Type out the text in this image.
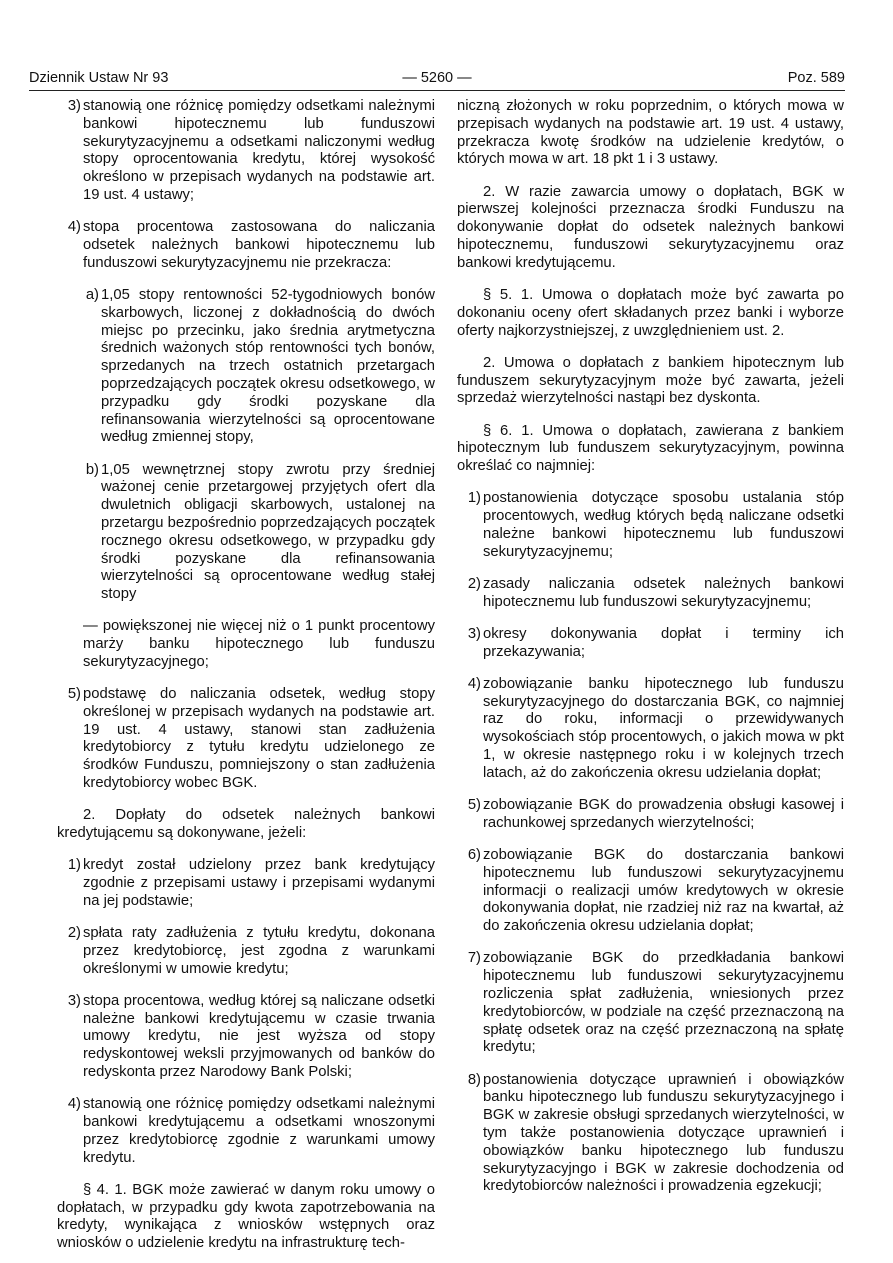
Dziennik Ustaw Nr 93	— 5260 —	Poz. 589

3) stanowią one różnicę pomiędzy odsetkami należnymi bankowi hipotecznemu lub funduszowi sekurytyzacyjnemu a odsetkami naliczonymi według stopy oprocentowania kredytu, której wysokość określono w przepisach wydanych na podstawie art. 19 ust. 4 ustawy;

4) stopa procentowa zastosowana do naliczania odsetek należnych bankowi hipotecznemu lub funduszowi sekurytyzacyjnemu nie przekracza:

a) 1,05 stopy rentowności 52-tygodniowych bonów skarbowych, liczonej z dokładnością do dwóch miejsc po przecinku, jako średnia arytmetyczna średnich ważonych stóp rentowności tych bonów, sprzedanych na trzech ostatnich przetargach poprzedzających początek okresu odsetkowego, w przypadku gdy środki pozyskane dla refinansowania wierzytelności są oprocentowane według zmiennej stopy,

b) 1,05 wewnętrznej stopy zwrotu przy średniej ważonej cenie przetargowej przyjętych ofert dla dwuletnich obligacji skarbowych, ustalonej na przetargu bezpośrednio poprzedzających początek rocznego okresu odsetkowego, w przypadku gdy środki pozyskane dla refinansowania wierzytelności są oprocentowane według stałej stopy

— powiększonej nie więcej niż o 1 punkt procentowy marży banku hipotecznego lub funduszu sekurytyzacyjnego;

5) podstawę do naliczania odsetek, według stopy określonej w przepisach wydanych na podstawie art. 19 ust. 4 ustawy, stanowi stan zadłużenia kredytobiorcy z tytułu kredytu udzielonego ze środków Funduszu, pomniejszony o stan zadłużenia kredytobiorcy wobec BGK.

2. Dopłaty do odsetek należnych bankowi kredytującemu są dokonywane, jeżeli:

1) kredyt został udzielony przez bank kredytujący zgodnie z przepisami ustawy i przepisami wydanymi na jej podstawie;

2) spłata raty zadłużenia z tytułu kredytu, dokonana przez kredytobiorcę, jest zgodna z warunkami określonymi w umowie kredytu;

3) stopa procentowa, według której są naliczane odsetki należne bankowi kredytującemu w czasie trwania umowy kredytu, nie jest wyższa od stopy redyskontowej weksli przyjmowanych od banków do redyskonta przez Narodowy Bank Polski;

4) stanowią one różnicę pomiędzy odsetkami należnymi bankowi kredytującemu a odsetkami wnoszonymi przez kredytobiorcę zgodnie z warunkami umowy kredytu.

§ 4. 1. BGK może zawierać w danym roku umowy o dopłatach, w przypadku gdy kwota zapotrzebowania na kredyty, wynikająca z wniosków wstępnych oraz wniosków o udzielenie kredytu na infrastrukturę tech-

niczną złożonych w roku poprzednim, o których mowa w przepisach wydanych na podstawie art. 19 ust. 4 ustawy, przekracza kwotę środków na udzielenie kredytów, o których mowa w art. 18 pkt 1 i 3 ustawy.

2. W razie zawarcia umowy o dopłatach, BGK w pierwszej kolejności przeznacza środki Funduszu na dokonywanie dopłat do odsetek należnych bankowi hipotecznemu, funduszowi sekurytyzacyjnemu oraz bankowi kredytującemu.

§ 5. 1. Umowa o dopłatach może być zawarta po dokonaniu oceny ofert składanych przez banki i wyborze oferty najkorzystniejszej, z uwzględnieniem ust. 2.

2. Umowa o dopłatach z bankiem hipotecznym lub funduszem sekurytyzacyjnym może być zawarta, jeżeli sprzedaż wierzytelności nastąpi bez dyskonta.

§ 6. 1. Umowa o dopłatach, zawierana z bankiem hipotecznym lub funduszem sekurytyzacyjnym, powinna określać co najmniej:

1) postanowienia dotyczące sposobu ustalania stóp procentowych, według których będą naliczane odsetki należne bankowi hipotecznemu lub funduszowi sekurytyzacyjnemu;

2) zasady naliczania odsetek należnych bankowi hipotecznemu lub funduszowi sekurytyzacyjnemu;

3) okresy dokonywania dopłat i terminy ich przekazywania;

4) zobowiązanie banku hipotecznego lub funduszu sekurytyzacyjnego do dostarczania BGK, co najmniej raz do roku, informacji o przewidywanych wysokościach stóp procentowych, o jakich mowa w pkt 1, w okresie następnego roku i w kolejnych trzech latach, aż do zakończenia okresu udzielania dopłat;

5) zobowiązanie BGK do prowadzenia obsługi kasowej i rachunkowej sprzedanych wierzytelności;

6) zobowiązanie BGK do dostarczania bankowi hipotecznemu lub funduszowi sekurytyzacyjnemu informacji o realizacji umów kredytowych w okresie dokonywania dopłat, nie rzadziej niż raz na kwartał, aż do zakończenia okresu udzielania dopłat;

7) zobowiązanie BGK do przedkładania bankowi hipotecznemu lub funduszowi sekurytyzacyjnemu rozliczenia spłat zadłużenia, wniesionych przez kredytobiorców, w podziale na część przeznaczoną na spłatę odsetek oraz na część przeznaczoną na spłatę kredytu;

8) postanowienia dotyczące uprawnień i obowiązków banku hipotecznego lub funduszu sekurytyzacyjnego i BGK w zakresie obsługi sprzedanych wierzytelności, w tym także postanowienia dotyczące uprawnień i obowiązków banku hipotecznego lub funduszu sekurytyzacyjngo i BGK w zakresie dochodzenia od kredytobiorców należności i prowadzenia egzekucji;
